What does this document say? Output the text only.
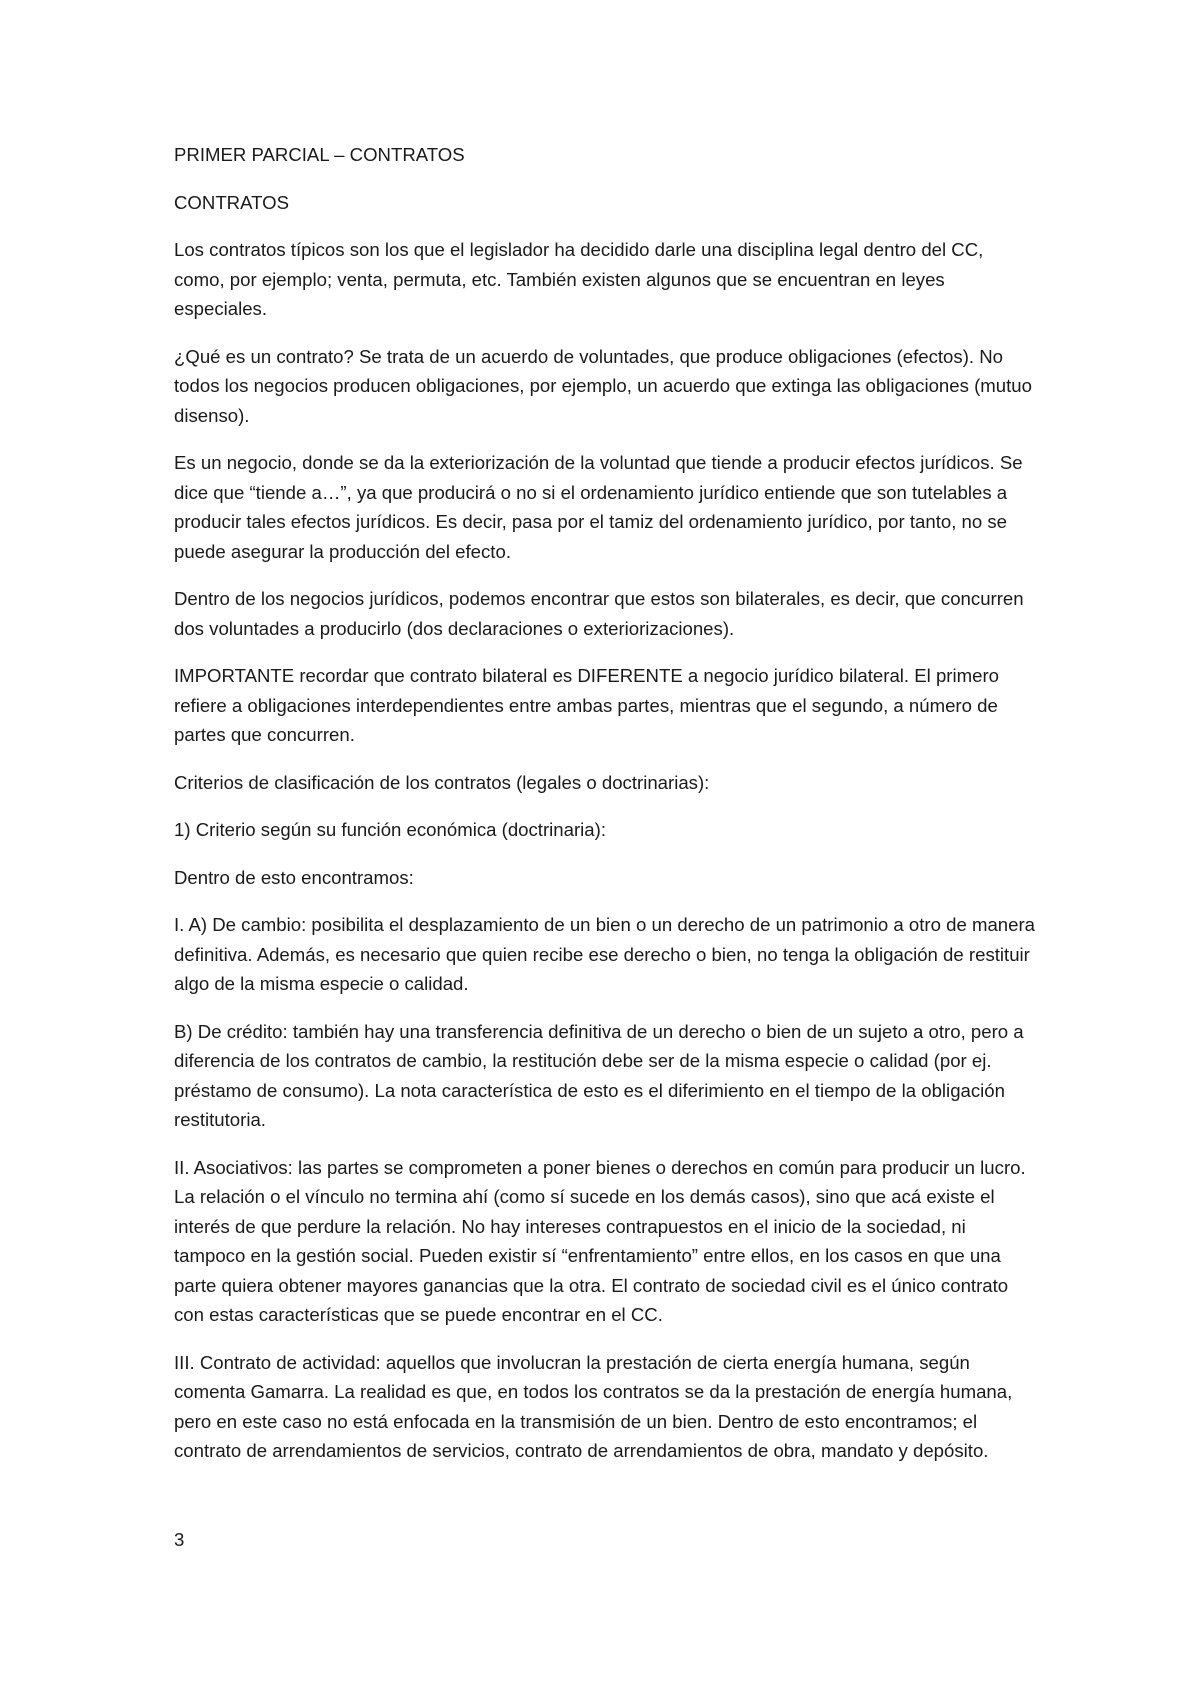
PRIMER PARCIAL – CONTRATOS

CONTRATOS

Los contratos típicos son los que el legislador ha decidido darle una disciplina legal dentro del CC, como, por ejemplo; venta, permuta, etc. También existen algunos que se encuentran en leyes especiales.

¿Qué es un contrato? Se trata de un acuerdo de voluntades, que produce obligaciones (efectos). No todos los negocios producen obligaciones, por ejemplo, un acuerdo que extinga las obligaciones (mutuo disenso).

Es un negocio, donde se da la exteriorización de la voluntad que tiende a producir efectos jurídicos. Se dice que “tiende a…”, ya que producirá o no si el ordenamiento jurídico entiende que son tutelables a producir tales efectos jurídicos. Es decir, pasa por el tamiz del ordenamiento jurídico, por tanto, no se puede asegurar la producción del efecto.

Dentro de los negocios jurídicos, podemos encontrar que estos son bilaterales, es decir, que concurren dos voluntades a producirlo (dos declaraciones o exteriorizaciones).

IMPORTANTE recordar que contrato bilateral es DIFERENTE a negocio jurídico bilateral. El primero refiere a obligaciones interdependientes entre ambas partes, mientras que el segundo, a número de partes que concurren.

Criterios de clasificación de los contratos (legales o doctrinarias):

1) Criterio según su función económica (doctrinaria):

Dentro de esto encontramos:

I. A) De cambio: posibilita el desplazamiento de un bien o un derecho de un patrimonio a otro de manera definitiva. Además, es necesario que quien recibe ese derecho o bien, no tenga la obligación de restituir algo de la misma especie o calidad.

B) De crédito: también hay una transferencia definitiva de un derecho o bien de un sujeto a otro, pero a diferencia de los contratos de cambio, la restitución debe ser de la misma especie o calidad (por ej. préstamo de consumo). La nota característica de esto es el diferimiento en el tiempo de la obligación restitutoria.

II. Asociativos: las partes se comprometen a poner bienes o derechos en común para producir un lucro. La relación o el vínculo no termina ahí (como sí sucede en los demás casos), sino que acá existe el interés de que perdure la relación. No hay intereses contrapuestos en el inicio de la sociedad, ni tampoco en la gestión social. Pueden existir sí “enfrentamiento” entre ellos, en los casos en que una parte quiera obtener mayores ganancias que la otra. El contrato de sociedad civil es el único contrato con estas características que se puede encontrar en el CC.

III. Contrato de actividad: aquellos que involucran la prestación de cierta energía humana, según comenta Gamarra. La realidad es que, en todos los contratos se da la prestación de energía humana, pero en este caso no está enfocada en la transmisión de un bien. Dentro de esto encontramos; el contrato de arrendamientos de servicios, contrato de arrendamientos de obra, mandato y depósito.

3
